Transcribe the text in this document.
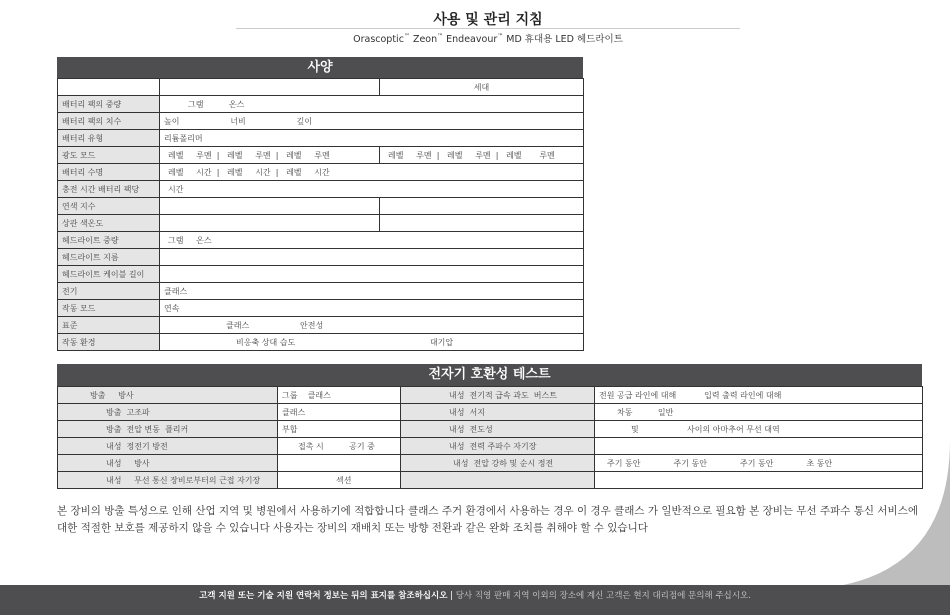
사용 및 관리 지침
Orascoptic™ Zeon™ Endeavour™ MD 휴대용 LED 헤드라이트
사양
		세대
배터리 팩의 중량	그램          온스	
배터리 팩의 치수	높이                    너비                    깊이	
배터리 유형	리튬폴리머	
광도 모드	레벨     루멘  |   레벨     루멘  |   레벨     루멘	레벨     루멘  |   레벨     루멘  |   레벨       루멘
배터리 수명	레벨     시간  |   레벨     시간  |   레벨     시간	
충전 시간 배터리 팩당	시간	
연색 지수		
상관 색온도		
헤드라이트 중량	그램     온스	
헤드라이트 지름		
헤드라이트 케이블 길이		
전기	클래스	
작동 모드	연속	
표준	클래스                    안전성	
작동 환경	비응축 상대 습도                                                     대기압	
전자기 호환성 테스트
방출     방사	그룹    클래스	내성  전기적 급속 과도  버스트	전원 공급 라인에 대해           입력 출력 라인에 대해
방출  고조파	클래스	내성  서지	차동          일반
방출  전압 변동  플리커	부합	내성  전도성	및                   사이의 아마추어 무선 대역
내성  정전기 방전	접촉 시          공기 중	내성  전력 주파수 자기장	
내성     방사		내성  전압 강하 및 순시 정전	주기 동안             주기 동안             주기 동안             초 동안
내성     무선 통신 장비로부터의 근접 자기장	섹션		
본 장비의 방출 특성으로 인해 산업 지역 및 병원에서 사용하기에 적합합니다 클래스 주거 환경에서 사용하는 경우 이 경우 클래스 가 일반적으로 필요함 본 장비는 무선 주파수 통신 서비스에 대한 적절한 보호를 제공하지 않을 수 있습니다 사용자는 장비의 재배치 또는 방향 전환과 같은 완화 조치를 취해야 할 수 있습니다
고객 지원 또는 기술 지원 연락처 정보는 뒤의 표지를 참조하십시오 | 당사 직영 판매 지역 이외의 장소에 계신 고객은 현지 대리점에 문의해 주십시오.
